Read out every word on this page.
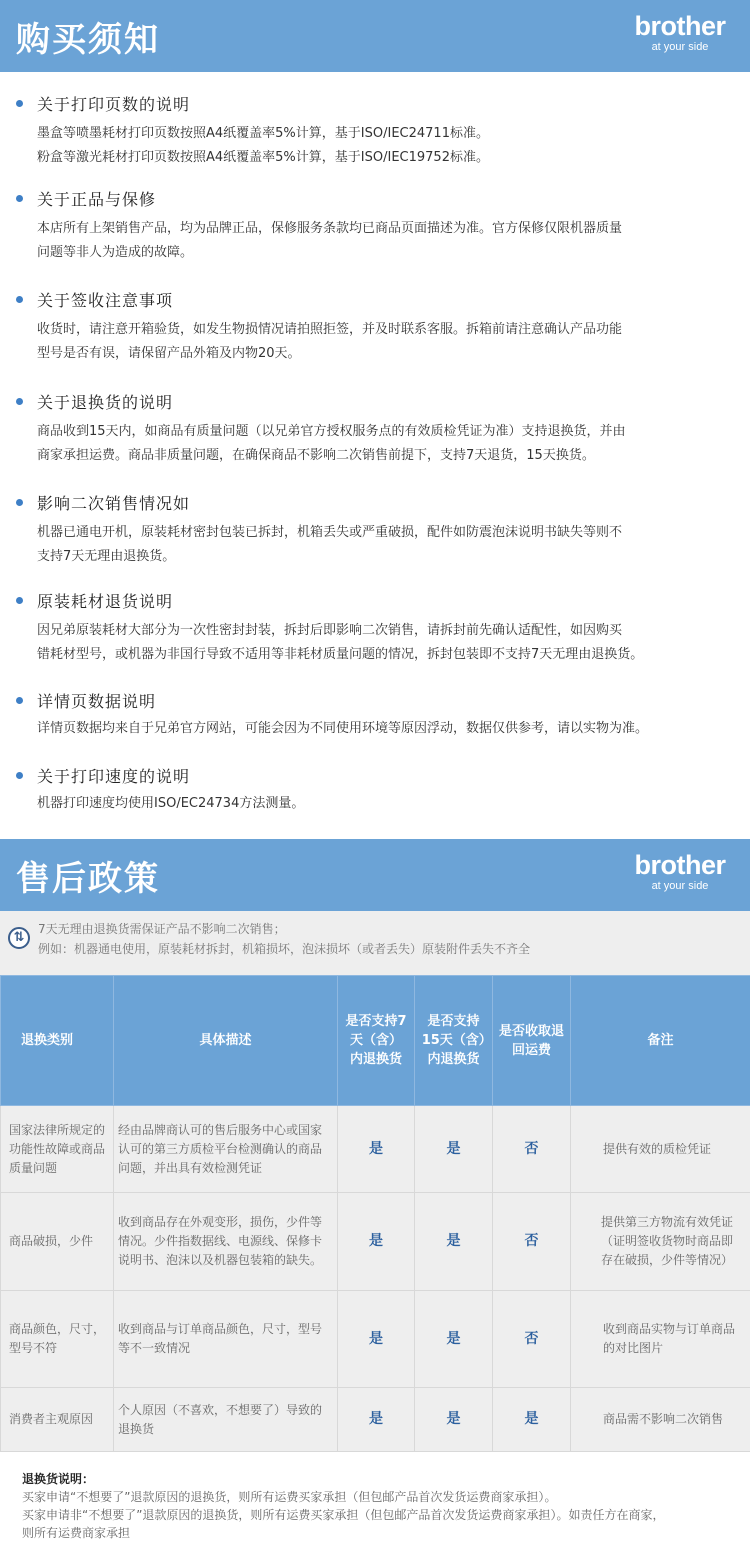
购买须知	brother
at your side
关于打印页数的说明
墨盒等喷墨耗材打印页数按照A4纸覆盖率5%计算，基于ISO/IEC24711标准。
粉盒等激光耗材打印页数按照A4纸覆盖率5%计算，基于ISO/IEC19752标准。
关于正品与保修
本店所有上架销售产品，均为品牌正品，保修服务条款均已商品页面描述为准。官方保修仅限机器质量
问题等非人为造成的故障。
关于签收注意事项
收货时，请注意开箱验货，如发生物损情况请拍照拒签，并及时联系客服。拆箱前请注意确认产品功能
型号是否有误，请保留产品外箱及内物20天。
关于退换货的说明
商品收到15天内，如商品有质量问题（以兄弟官方授权服务点的有效质检凭证为准）支持退换货，并由
商家承担运费。商品非质量问题，在确保商品不影响二次销售前提下，支持7天退货，15天换货。
影响二次销售情况如
机器已通电开机，原装耗材密封包装已拆封，机箱丢失或严重破损，配件如防震泡沫说明书缺失等则不
支持7天无理由退换货。
原装耗材退货说明
因兄弟原装耗材大部分为一次性密封封装，拆封后即影响二次销售，请拆封前先确认适配性，如因购买
错耗材型号，或机器为非国行导致不适用等非耗材质量问题的情况，拆封包装即不支持7天无理由退换货。
详情页数据说明
详情页数据均来自于兄弟官方网站，可能会因为不同使用环境等原因浮动，数据仅供参考，请以实物为准。
关于打印速度的说明
机器打印速度均使用ISO/EC24734方法测量。
售后政策	brother
at your side
⇅
7天无理由退换货需保证产品不影响二次销售；
例如：机器通电使用，原装耗材拆封，机箱损坏，泡沫损坏（或者丢失）原装附件丢失不齐全
退换类别	具体描述	是否支持7天（含）内退换货	是否支持15天（含）内退换货	是否收取退回运费	备注
国家法律所规定的功能性故障或商品质量问题	经由品牌商认可的售后服务中心或国家认可的第三方质检平台检测确认的商品问题，并出具有效检测凭证	是	是	否	提供有效的质检凭证
商品破损，少件	收到商品存在外观变形，损伤，少件等情况。少件指数据线、电源线、保修卡说明书、泡沫以及机器包装箱的缺失。	是	是	否	提供第三方物流有效凭证（证明签收货物时商品即存在破损，少件等情况）
商品颜色，尺寸，型号不符	收到商品与订单商品颜色，尺寸，型号等不一致情况	是	是	否	收到商品实物与订单商品的对比图片
消费者主观原因	个人原因（不喜欢，不想要了）导致的退换货	是	是	是	商品需不影响二次销售
退换货说明：
买家申请“不想要了”退款原因的退换货，则所有运费买家承担（但包邮产品首次发货运费商家承担）。
买家申请非“不想要了”退款原因的退换货，则所有运费买家承担（但包邮产品首次发货运费商家承担）。如责任方在商家，
则所有运费商家承担
